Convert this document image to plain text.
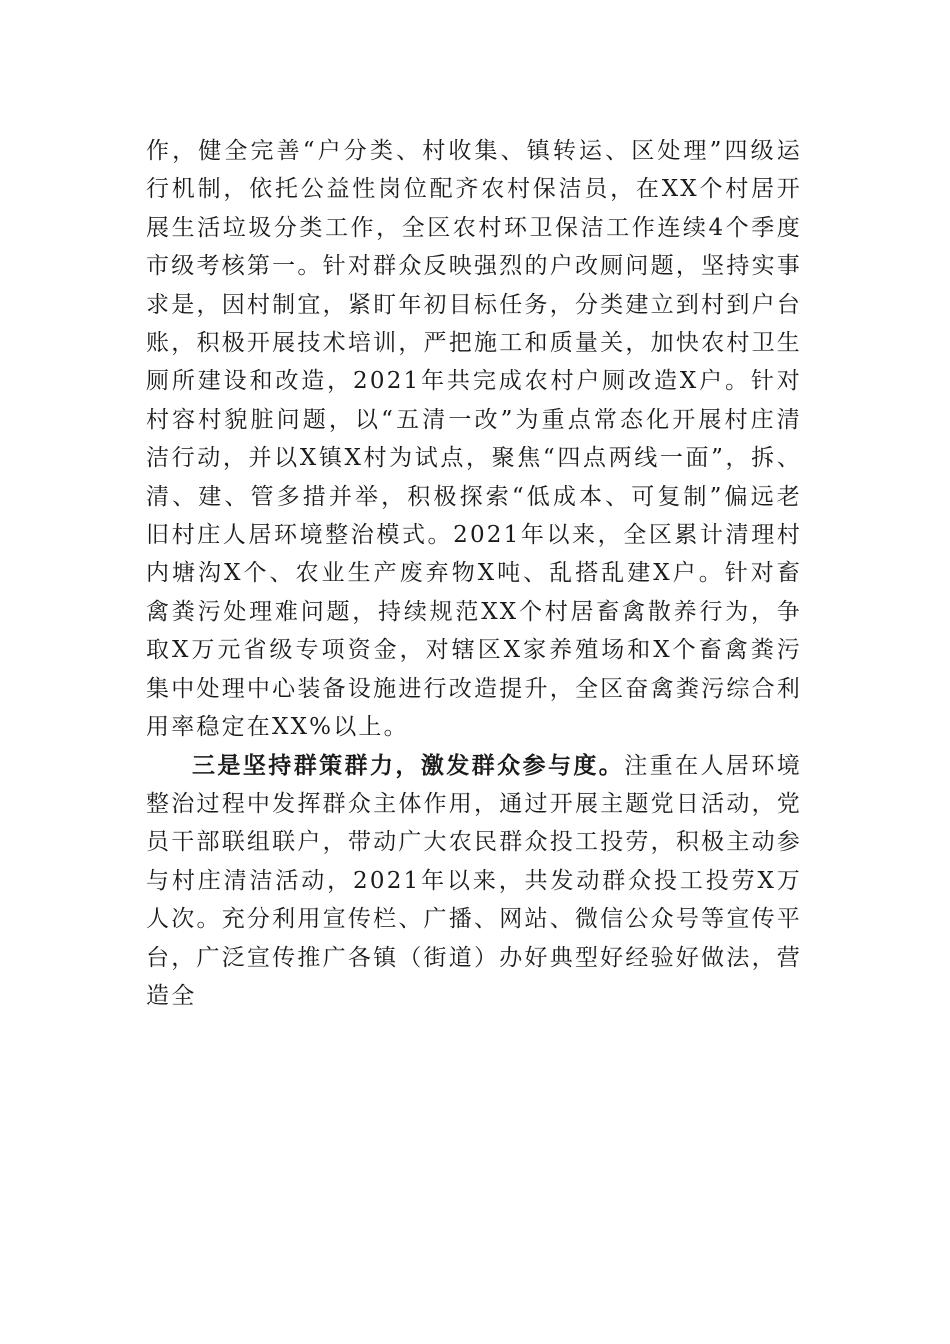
作，健全完善“户分类、村收集、镇转运、区处理”四级运行机制，依托公益性岗位配齐农村保洁员，在XX个村居开展生活垃圾分类工作，全区农村环卫保洁工作连续4个季度市级考核第一。针对群众反映强烈的户改厕问题，坚持实事求是，因村制宜，紧盯年初目标任务，分类建立到村到户台账，积极开展技术培训，严把施工和质量关，加快农村卫生厕所建设和改造，2021年共完成农村户厕改造X户。针对村容村貌脏问题，以“五清一改”为重点常态化开展村庄清洁行动，并以X镇X村为试点，聚焦“四点两线一面”，拆、清、建、管多措并举，积极探索“低成本、可复制”偏远老旧村庄人居环境整治模式。2021年以来，全区累计清理村内塘沟X个、农业生产废弃物X吨、乱搭乱建X户。针对畜禽粪污处理难问题，持续规范XX个村居畜禽散养行为，争取X万元省级专项资金，对辖区X家养殖场和X个畜禽粪污集中处理中心装备设施进行改造提升，全区奋禽粪污综合利用率稳定在XX%以上。

三是坚持群策群力，激发群众参与度。注重在人居环境整治过程中发挥群众主体作用，通过开展主题党日活动，党员干部联组联户，带动广大农民群众投工投劳，积极主动参与村庄清洁活动，2021年以来，共发动群众投工投劳X万人次。充分利用宣传栏、广播、网站、微信公众号等宣传平台，广泛宣传推广各镇（街道）办好典型好经验好做法，营造全
